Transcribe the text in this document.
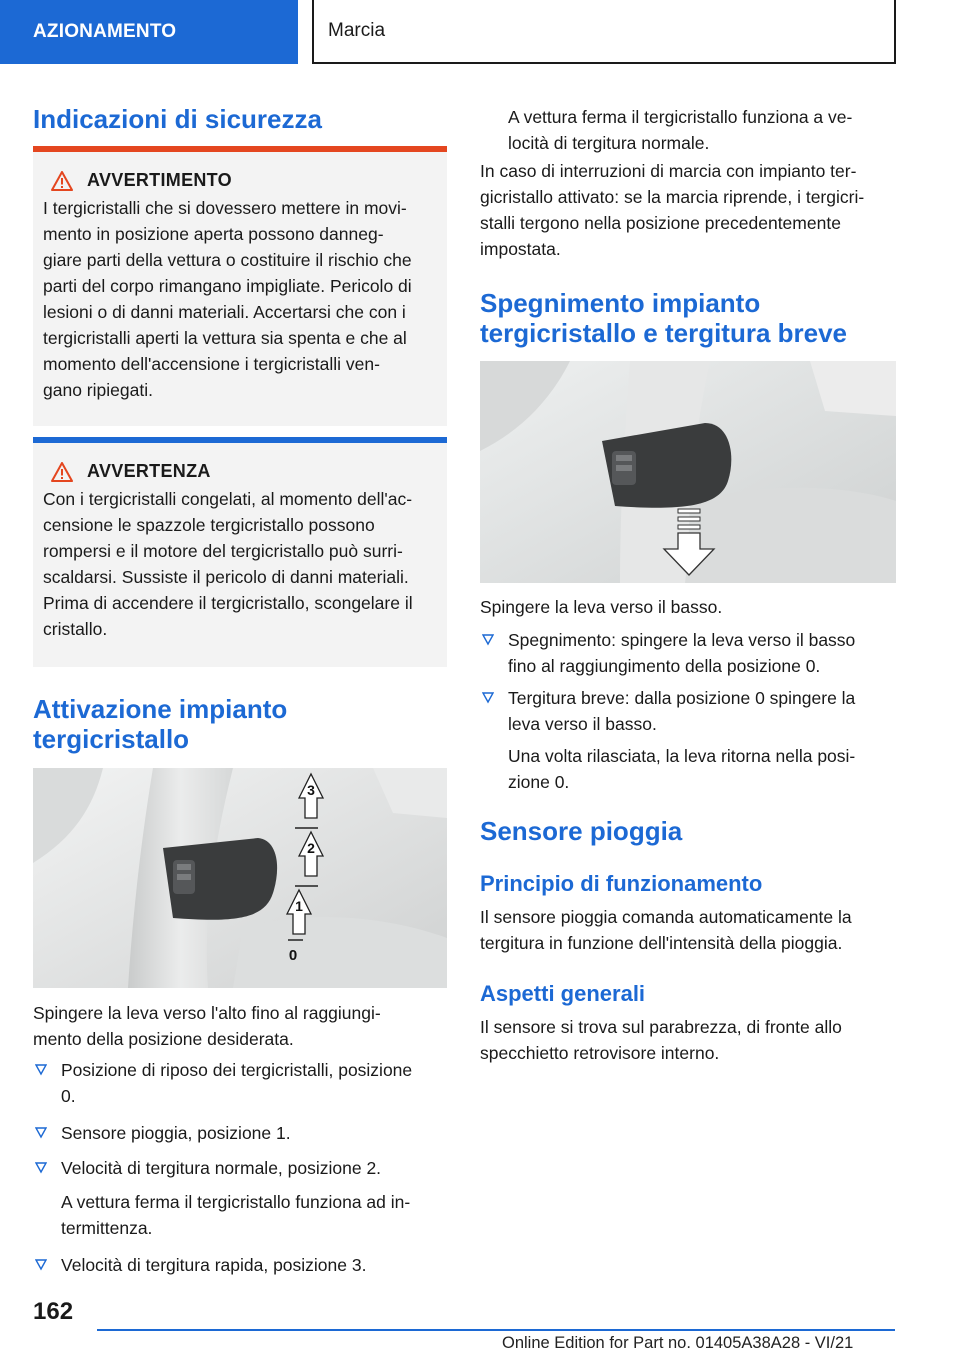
AZIONAMENTO	Marcia
Indicazioni di sicurezza
AVVERTIMENTO

I tergicristalli che si dovessero mettere in movi-

mento in posizione aperta possono danneg-

giare parti della vettura o costituire il rischio che

parti del corpo rimangano impigliate. Pericolo di

lesioni o di danni materiali. Accertarsi che con i

tergicristalli aperti la vettura sia spenta e che al

momento dell'accensione i tergicristalli ven-

gano ripiegati.

AVVERTENZA

Con i tergicristalli congelati, al momento dell'ac-

censione le spazzole tergicristallo possono

rompersi e il motore del tergicristallo può surri-

scaldarsi. Sussiste il pericolo di danni materiali.

Prima di accendere il tergicristallo, scongelare il

cristallo.

Attivazione impianto
tergicristallo
3
2
1
0

Spingere la leva verso l'alto fino al raggiungi-

mento della posizione desiderata.

Posizione di riposo dei tergicristalli, posizione

0.

Sensore pioggia, posizione 1.

Velocità di tergitura normale, posizione 2.

A vettura ferma il tergicristallo funziona ad in-

termittenza.

Velocità di tergitura rapida, posizione 3.

A vettura ferma il tergicristallo funziona a ve-

locità di tergitura normale.

In caso di interruzioni di marcia con impianto ter-

gicristallo attivato: se la marcia riprende, i tergicri-

stalli tergono nella posizione precedentemente

impostata.

Spegnimento impianto
tergicristallo e tergitura breve

Spingere la leva verso il basso.

Spegnimento: spingere la leva verso il basso

fino al raggiungimento della posizione 0.

Tergitura breve: dalla posizione 0 spingere la

leva verso il basso.

Una volta rilasciata, la leva ritorna nella posi-

zione 0.

Sensore pioggia
Principio di funzionamento

Il sensore pioggia comanda automaticamente la

tergitura in funzione dell'intensità della pioggia.

Aspetti generali

Il sensore si trova sul parabrezza, di fronte allo

specchietto retrovisore interno.

162
Online Edition for Part no. 01405A38A28 - VI/21
